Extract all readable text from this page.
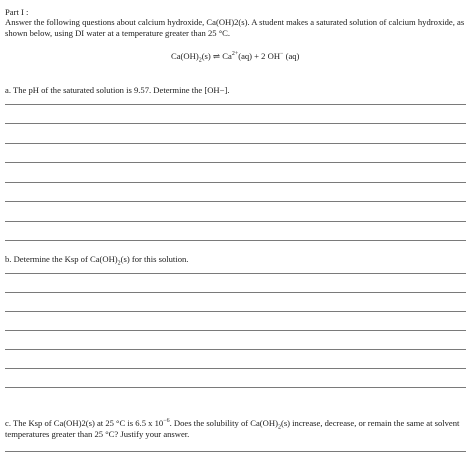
Part I :
Answer the following questions about calcium hydroxide, Ca(OH)2(s). A student makes a saturated solution of calcium hydroxide, as
shown below, using DI water at a temperature greater than 25 °C.
$Ca(OH)_2(s)$ ⇌ $Ca^{2+}(aq) + 2$ OH− (aq)
a. The pH of the saturated solution is 9.57. Determine the [OH−].
b. Determine the Ksp of $Ca(OH)_2(s)$ for this solution.
c. The Ksp of Ca(OH)2(s) at 25 °C is 6.5 x $10^{-6}$. Does the solubility of $Ca(OH)_2(s)$ increase, decrease, or remain the same at solvent
temperatures greater than 25 °C? Justify your answer.
